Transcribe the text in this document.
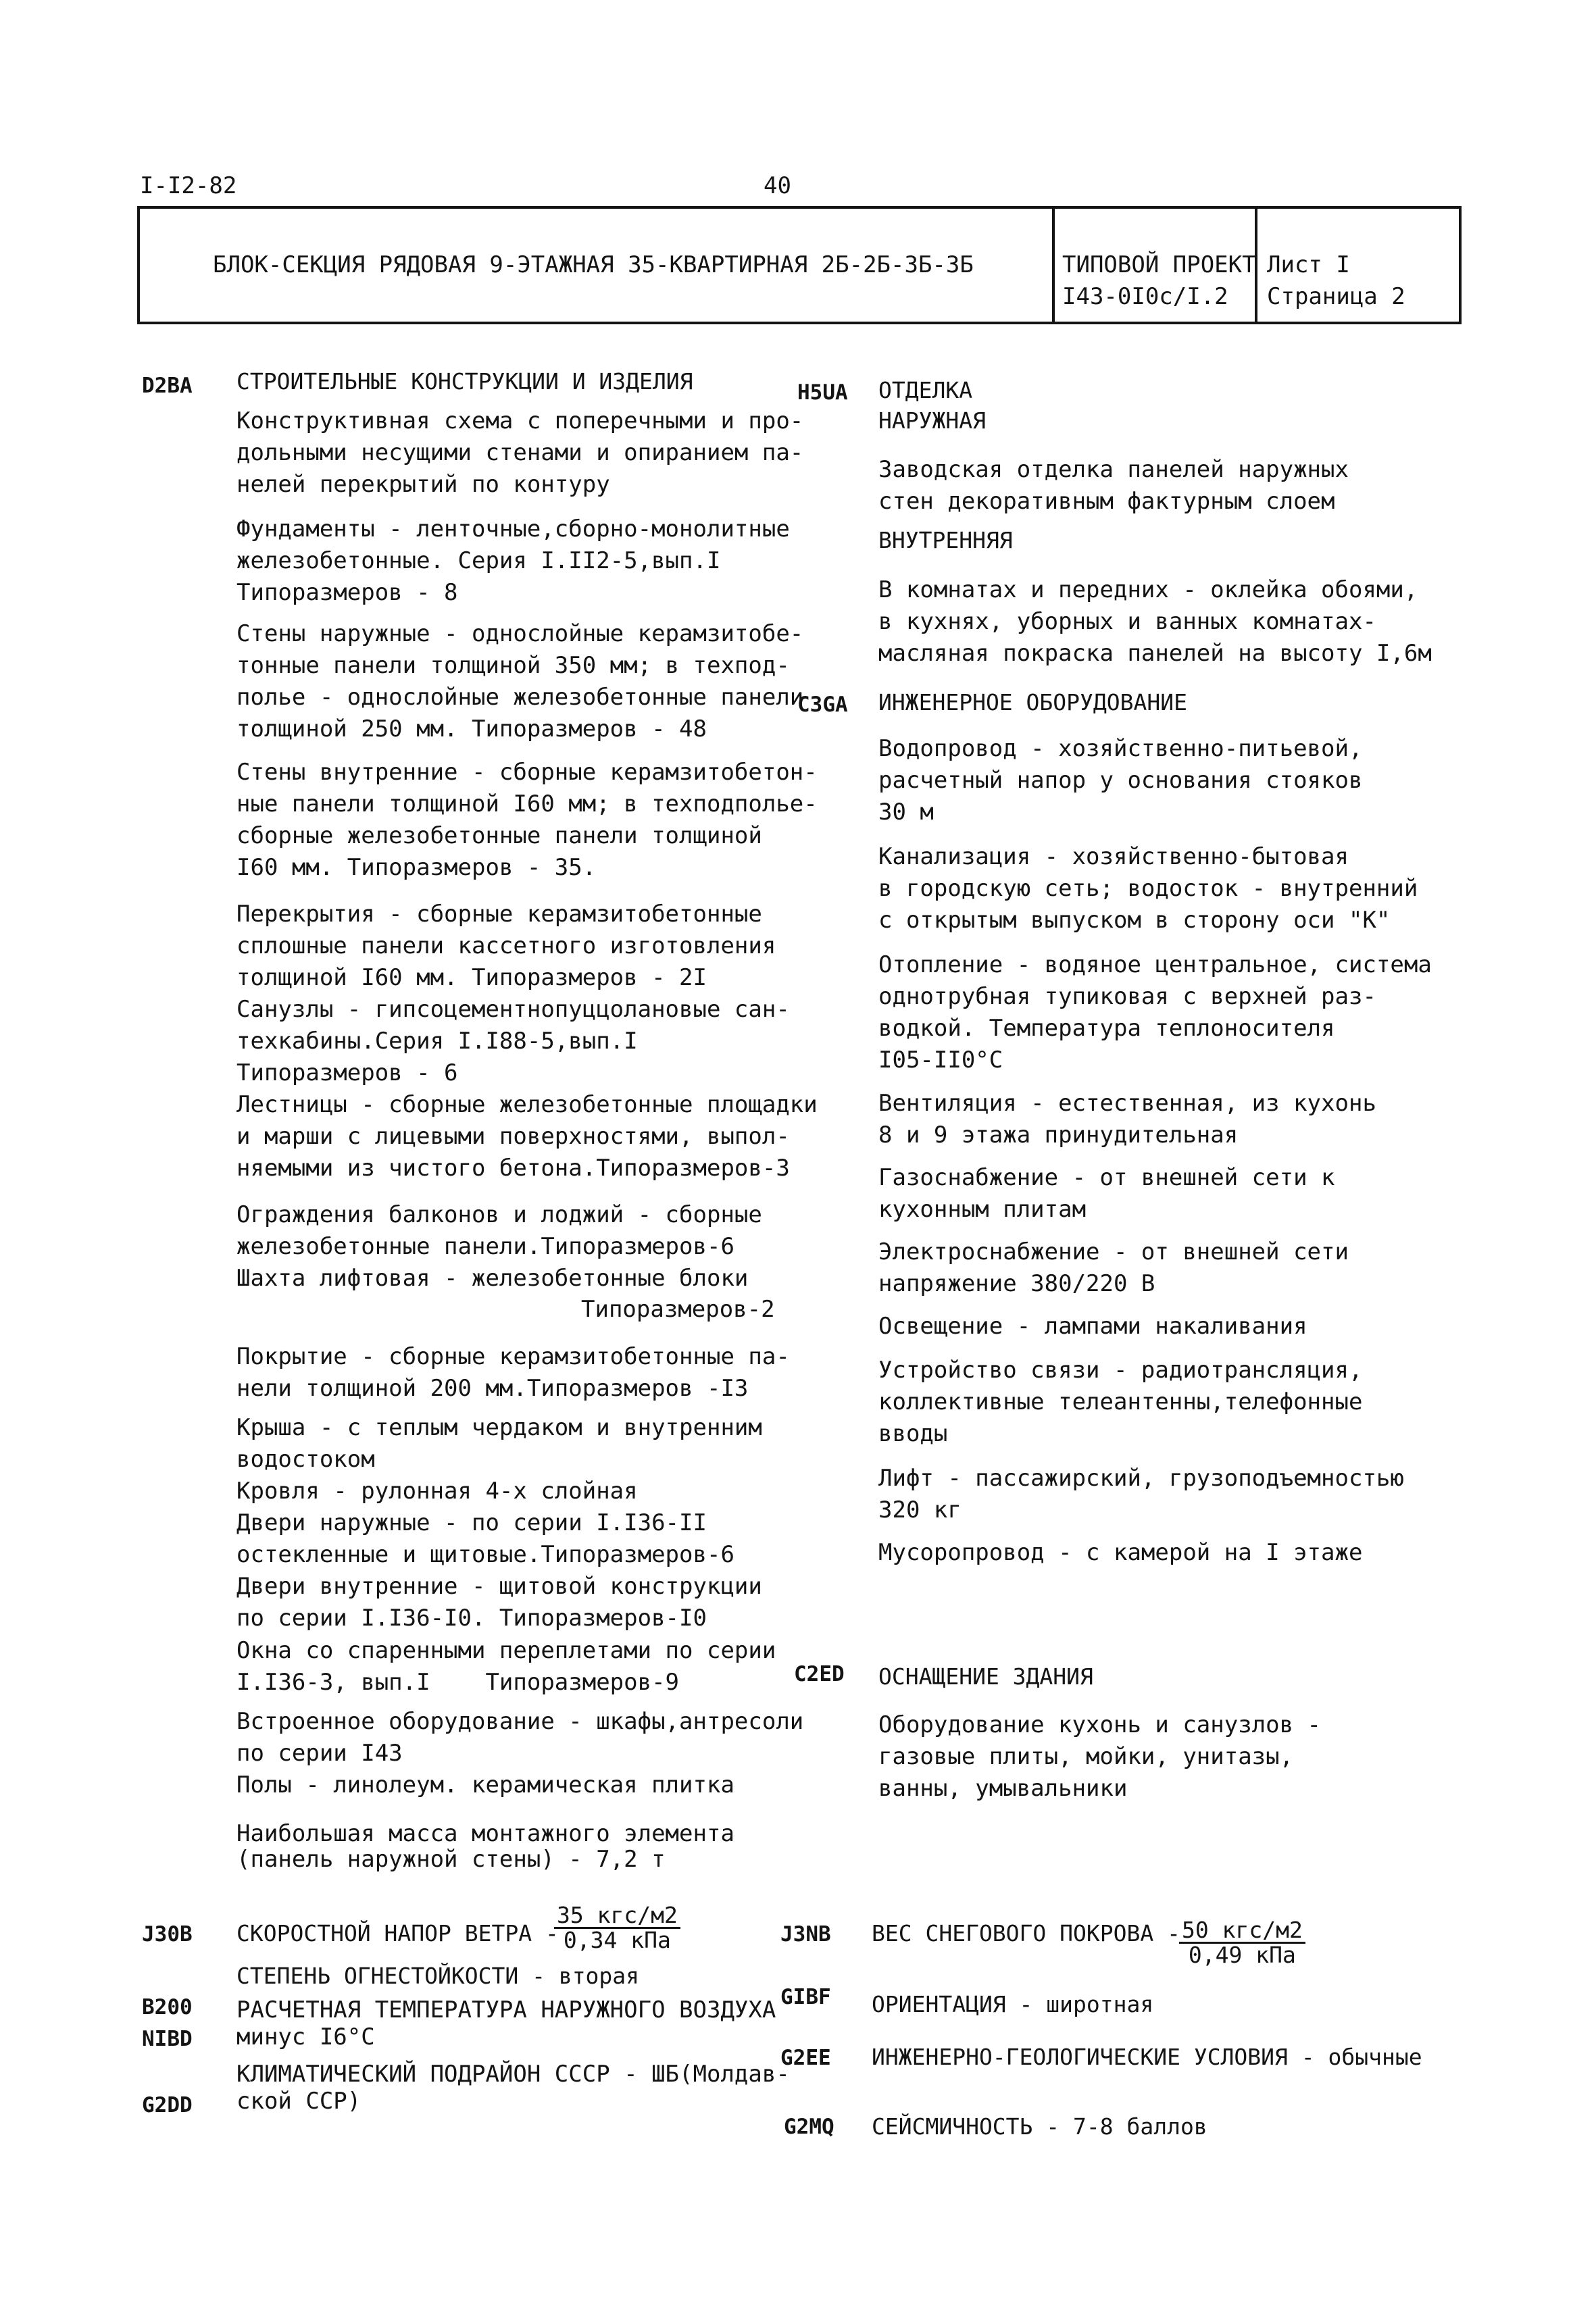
I-I2-82	40
БЛОК-СЕКЦИЯ РЯДОВАЯ 9-ЭТАЖНАЯ 35-КВАРТИРНАЯ 2Б-2Б-3Б-3Б	ТИПОВОЙ ПРОЕКТ
I43-0I0с/I.2
Лист I
Страница 2
D2BA СТРОИТЕЛЬНЫЕ КОНСТРУКЦИИ И ИЗДЕЛИЯ
Конструктивная схема с поперечными и про-
дольными несущими стенами и опиранием па-
нелей перекрытий по контуру
Фундаменты - ленточные,сборно-монолитные
железобетонные. Серия I.II2-5,вып.I
Типоразмеров - 8
Стены наружные - однослойные керамзитобе-
тонные панели толщиной 350 мм; в техпод-
полье - однослойные железобетонные панели
толщиной 250 мм. Типоразмеров - 48
Стены внутренние - сборные керамзитобетон-
ные панели толщиной I60 мм; в техподполье-
сборные железобетонные панели толщиной
I60 мм. Типоразмеров - 35.
Перекрытия - сборные керамзитобетонные
сплошные панели кассетного изготовления
толщиной I60 мм. Типоразмеров - 2I
Санузлы - гипсоцементнопуццолановые сан-
техкабины.Серия I.I88-5,вып.I
Типоразмеров - 6
Лестницы - сборные железобетонные площадки
и марши с лицевыми поверхностями, выпол-
няемыми из чистого бетона.Типоразмеров-3
Ограждения балконов и лоджий - сборные
железобетонные панели.Типоразмеров-6
Шахта лифтовая - железобетонные блоки
Типоразмеров-2
Покрытие - сборные керамзитобетонные па-
нели толщиной 200 мм.Типоразмеров -I3
Крыша - с теплым чердаком и внутренним
водостоком
Кровля - рулонная 4-х слойная
Двери наружные - по серии I.I36-II
остекленные и щитовые.Типоразмеров-6
Двери внутренние - щитовой конструкции
по серии I.I36-I0. Типоразмеров-I0
Окна со спаренными переплетами по серии
I.I36-3, вып.I    Типоразмеров-9
Встроенное оборудование - шкафы,антресоли
по серии I43
Полы - линолеум. керамическая плитка
Наибольшая масса монтажного элемента
(панель наружной стены) - 7,2 т
H5UA ОТДЕЛКА
НАРУЖНАЯ
Заводская отделка панелей наружных
стен декоративным фактурным слоем
ВНУТРЕННЯЯ
В комнатах и передних - оклейка обоями,
в кухнях, уборных и ванных комнатах-
масляная покраска панелей на высоту I,6м
C3GA ИНЖЕНЕРНОЕ ОБОРУДОВАНИЕ
Водопровод - хозяйственно-питьевой,
расчетный напор у основания стояков
30 м
Канализация - хозяйственно-бытовая
в городскую сеть; водосток - внутренний
с открытым выпуском в сторону оси "К"
Отопление - водяное центральное, система
однотрубная тупиковая с верхней раз-
водкой. Температура теплоносителя
I05-II0°С
Вентиляция - естественная, из кухонь
8 и 9 этажа принудительная
Газоснабжение - от внешней сети к
кухонным плитам
Электроснабжение - от внешней сети
напряжение 380/220 В
Освещение - лампами накаливания
Устройство связи - радиотрансляция,
коллективные телеантенны,телефонные
вводы
Лифт - пассажирский, грузоподъемностью
320 кг
Мусоропровод - с камерой на I этаже
C2ED ОСНАЩЕНИЕ ЗДАНИЯ
Оборудование кухонь и санузлов -
газовые плиты, мойки, унитазы,
ванны, умывальники
J30B СКОРОСТНОЙ НАПОР ВЕТРА -
35 кгс/м2
0,34 кПа
СТЕПЕНЬ ОГНЕСТОЙКОСТИ - вторая
B200 РАСЧЕТНАЯ ТЕМПЕРАТУРА НАРУЖНОГО ВОЗДУХА
минус I6°С
NIBD
G2DD
КЛИМАТИЧЕСКИЙ ПОДРАЙОН СССР - ШБ(Молдав-
ской ССР)
J3NB ВЕС СНЕГОВОГО ПОКРОВА - 50 кгс/м2
0,49 кПа
GIBF ОРИЕНТАЦИЯ - широтная
G2EE ИНЖЕНЕРНО-ГЕОЛОГИЧЕСКИЕ УСЛОВИЯ - обычные
G2MQ СЕЙСМИЧНОСТЬ - 7-8 баллов
